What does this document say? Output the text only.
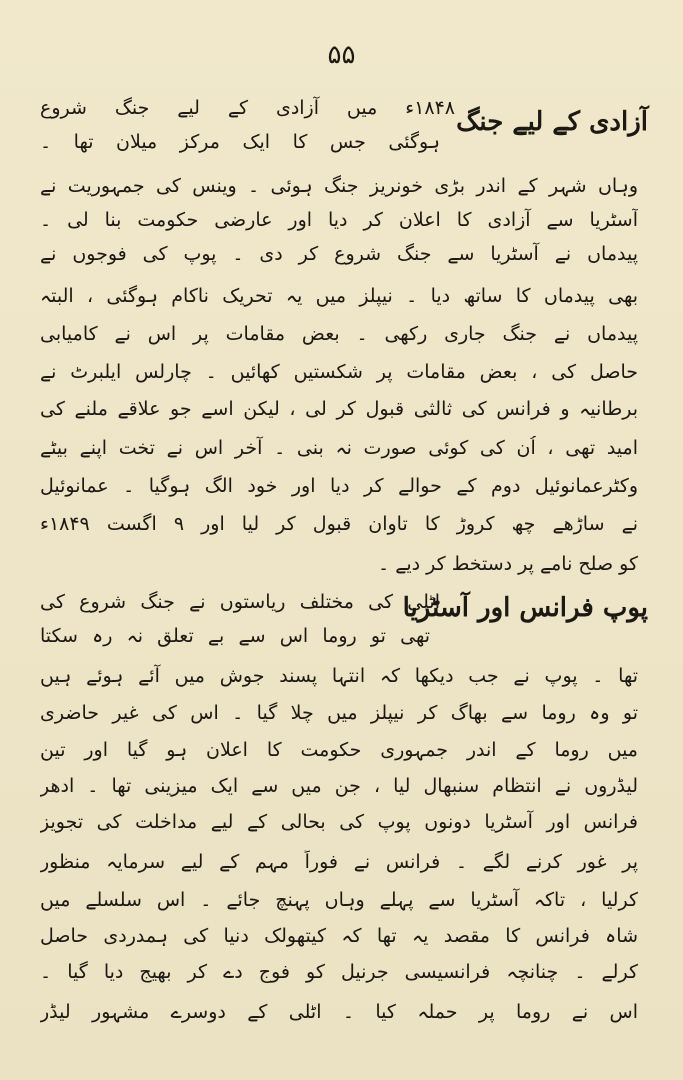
۵۵
آزادی کے لیے جنگ
پوپ فرانس اور آسٹریا
۱۸۴۸ء میں آزادی کے لیے جنگ شروع
ہوگئی جس کا ایک مرکز میلان تھا ۔
وہاں شہر کے اندر بڑی خونریز جنگ ہوئی ۔ وینس کی جمہوریت نے
آسٹریا سے آزادی کا اعلان کر دیا اور عارضی حکومت بنا لی ۔
پیدماں نے آسٹریا سے جنگ شروع کر دی ۔ پوپ کی فوجوں نے
بھی پیدماں کا ساتھ دیا ۔ نیپلز میں یہ تحریک ناکام ہوگئی ، البتہ
پیدماں نے جنگ جاری رکھی ۔ بعض مقامات پر اس نے کامیابی
حاصل کی ، بعض مقامات پر شکستیں کھائیں ۔ چارلس ایلبرٹ نے
برطانیہ و فرانس کی ثالثی قبول کر لی ، لیکن اسے جو علاقے ملنے کی
امید تھی ، اُن کی کوئی صورت نہ بنی ۔ آخر اس نے تخت اپنے بیٹے
وکٹرعمانوئیل دوم کے حوالے کر دیا اور خود الگ ہوگیا ۔ عمانوئیل
نے ساڑھے چھ کروڑ کا تاوان قبول کر لیا اور ۹ اگست ۱۸۴۹ء
کو صلح نامے پر دستخط کر دیے ۔
اٹلی کی مختلف ریاستوں نے جنگ شروع کی
تھی تو روما اس سے بے تعلق نہ رہ سکتا
تھا ۔ پوپ نے جب دیکھا کہ انتہا پسند جوش میں آئے ہوئے ہیں
تو وہ روما سے بھاگ کر نیپلز میں چلا گیا ۔ اس کی غیر حاضری
میں روما کے اندر جمہوری حکومت کا اعلان ہو گیا اور تین
لیڈروں نے انتظام سنبھال لیا ، جن میں سے ایک میزینی تھا ۔ ادھر
فرانس اور آسٹریا دونوں پوپ کی بحالی کے لیے مداخلت کی تجویز
پر غور کرنے لگے ۔ فرانس نے فوراً مہم کے لیے سرمایہ منظور
کرلیا ، تاکہ آسٹریا سے پہلے وہاں پہنچ جائے ۔ اس سلسلے میں
شاہ فرانس کا مقصد یہ تھا کہ کیتھولک دنیا کی ہمدردی حاصل
کرلے ۔ چنانچہ فرانسیسی جرنیل کو فوج دے کر بھیج دیا گیا ۔
اس نے روما پر حملہ کیا ۔ اٹلی کے دوسرے مشہور لیڈر
